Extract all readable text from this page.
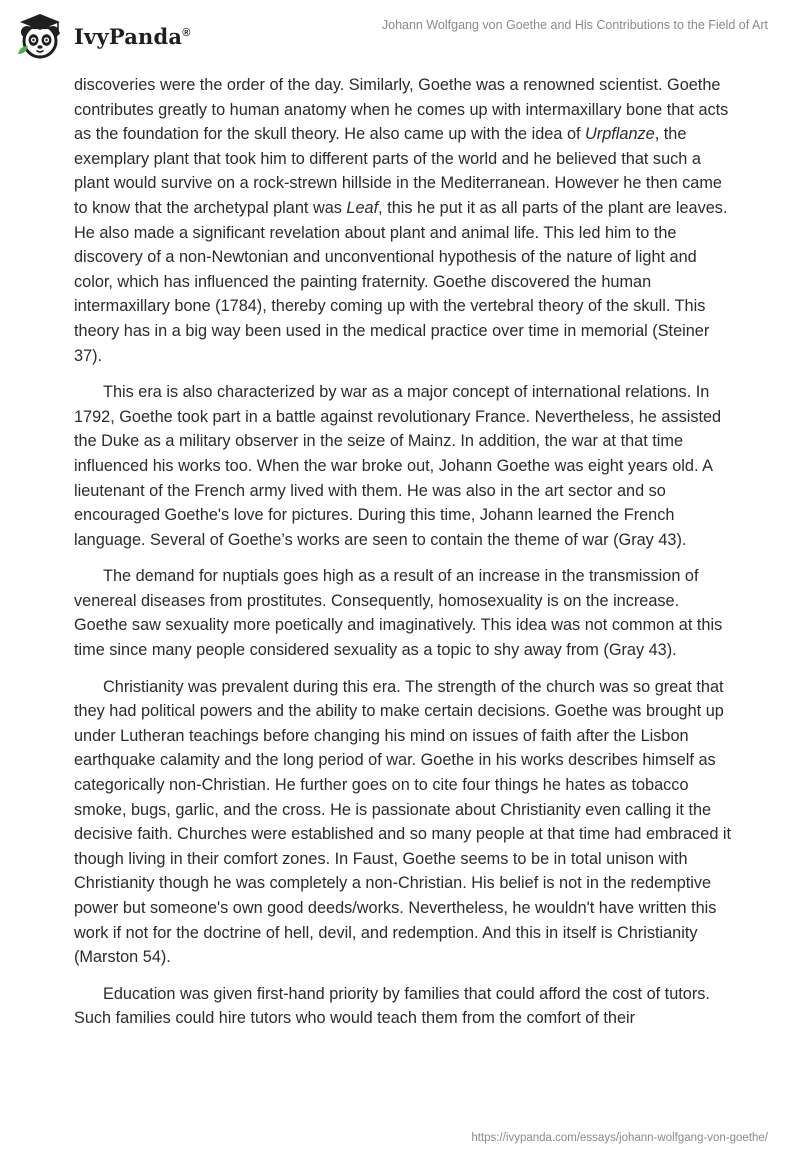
IvyPanda®
Johann Wolfgang von Goethe and His Contributions to the Field of Art

discoveries were the order of the day. Similarly, Goethe was a renowned scientist. Goethe contributes greatly to human anatomy when he comes up with intermaxillary bone that acts as the foundation for the skull theory. He also came up with the idea of Urpflanze, the exemplary plant that took him to different parts of the world and he believed that such a plant would survive on a rock-strewn hillside in the Mediterranean. However he then came to know that the archetypal plant was Leaf, this he put it as all parts of the plant are leaves. He also made a significant revelation about plant and animal life. This led him to the discovery of a non-Newtonian and unconventional hypothesis of the nature of light and color, which has influenced the painting fraternity. Goethe discovered the human intermaxillary bone (1784), thereby coming up with the vertebral theory of the skull. This theory has in a big way been used in the medical practice over time in memorial (Steiner 37).

This era is also characterized by war as a major concept of international relations. In 1792, Goethe took part in a battle against revolutionary France. Nevertheless, he assisted the Duke as a military observer in the seize of Mainz. In addition, the war at that time influenced his works too. When the war broke out, Johann Goethe was eight years old. A lieutenant of the French army lived with them. He was also in the art sector and so encouraged Goethe's love for pictures. During this time, Johann learned the French language. Several of Goethe’s works are seen to contain the theme of war (Gray 43).

The demand for nuptials goes high as a result of an increase in the transmission of venereal diseases from prostitutes. Consequently, homosexuality is on the increase. Goethe saw sexuality more poetically and imaginatively. This idea was not common at this time since many people considered sexuality as a topic to shy away from (Gray 43).

Christianity was prevalent during this era. The strength of the church was so great that they had political powers and the ability to make certain decisions. Goethe was brought up under Lutheran teachings before changing his mind on issues of faith after the Lisbon earthquake calamity and the long period of war. Goethe in his works describes himself as categorically non-Christian. He further goes on to cite four things he hates as tobacco smoke, bugs, garlic, and the cross. He is passionate about Christianity even calling it the decisive faith. Churches were established and so many people at that time had embraced it though living in their comfort zones. In Faust, Goethe seems to be in total unison with Christianity though he was completely a non-Christian. His belief is not in the redemptive power but someone's own good deeds/works. Nevertheless, he wouldn't have written this work if not for the doctrine of hell, devil, and redemption. And this in itself is Christianity (Marston 54).

Education was given first-hand priority by families that could afford the cost of tutors. Such families could hire tutors who would teach them from the comfort of their

https://ivypanda.com/essays/johann-wolfgang-von-goethe/
